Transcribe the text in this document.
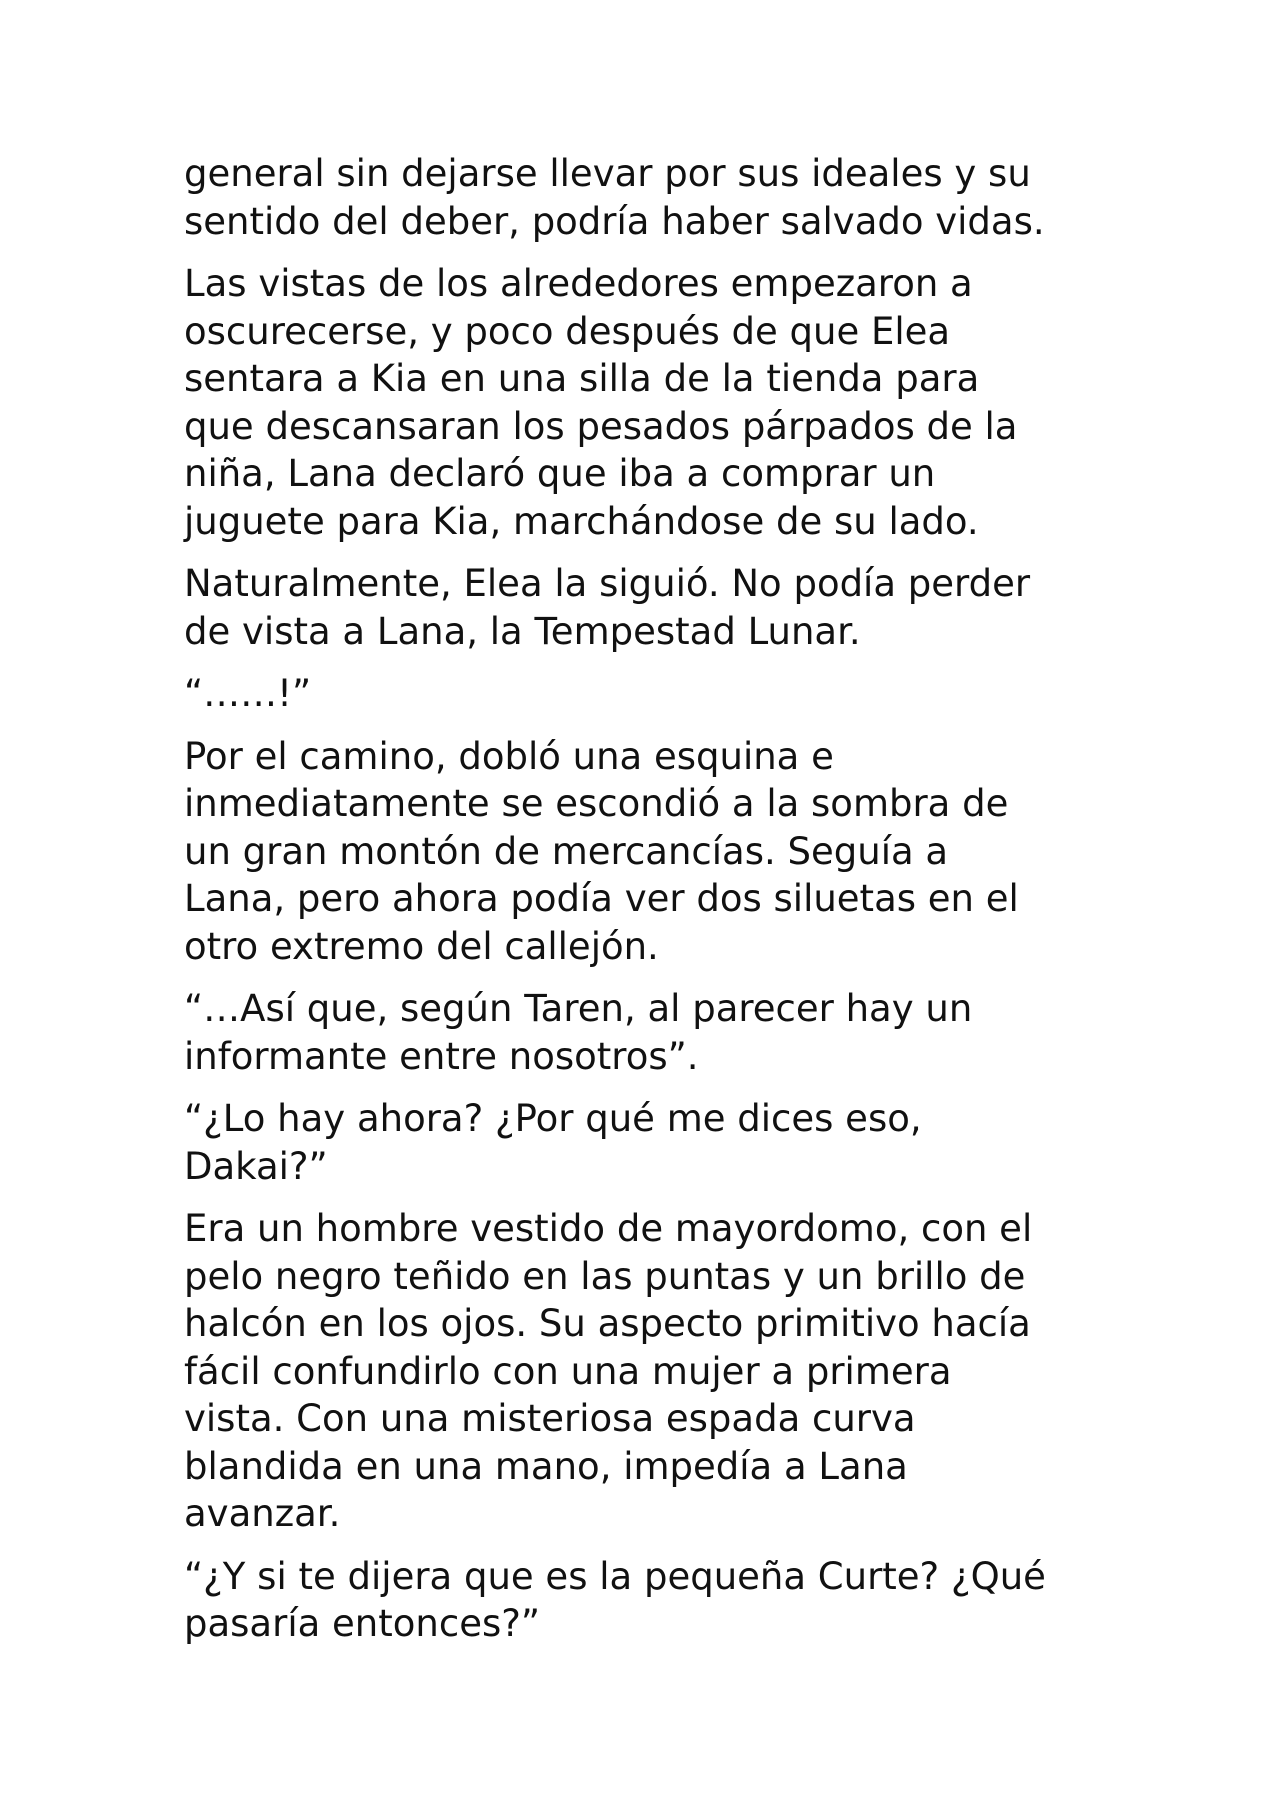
general sin dejarse llevar por sus ideales y su
sentido del deber, podría haber salvado vidas.

Las vistas de los alrededores empezaron a
oscurecerse, y poco después de que Elea
sentara a Kia en una silla de la tienda para
que descansaran los pesados párpados de la
niña, Lana declaró que iba a comprar un
juguete para Kia, marchándose de su lado.

Naturalmente, Elea la siguió. No podía perder
de vista a Lana, la Tempestad Lunar.

“……!”

Por el camino, dobló una esquina e
inmediatamente se escondió a la sombra de
un gran montón de mercancías. Seguía a
Lana, pero ahora podía ver dos siluetas en el
otro extremo del callejón.

“…Así que, según Taren, al parecer hay un
informante entre nosotros”.

“¿Lo hay ahora? ¿Por qué me dices eso,
Dakai?”

Era un hombre vestido de mayordomo, con el
pelo negro teñido en las puntas y un brillo de
halcón en los ojos. Su aspecto primitivo hacía
fácil confundirlo con una mujer a primera
vista. Con una misteriosa espada curva
blandida en una mano, impedía a Lana
avanzar.

“¿Y si te dijera que es la pequeña Curte? ¿Qué
pasaría entonces?”
